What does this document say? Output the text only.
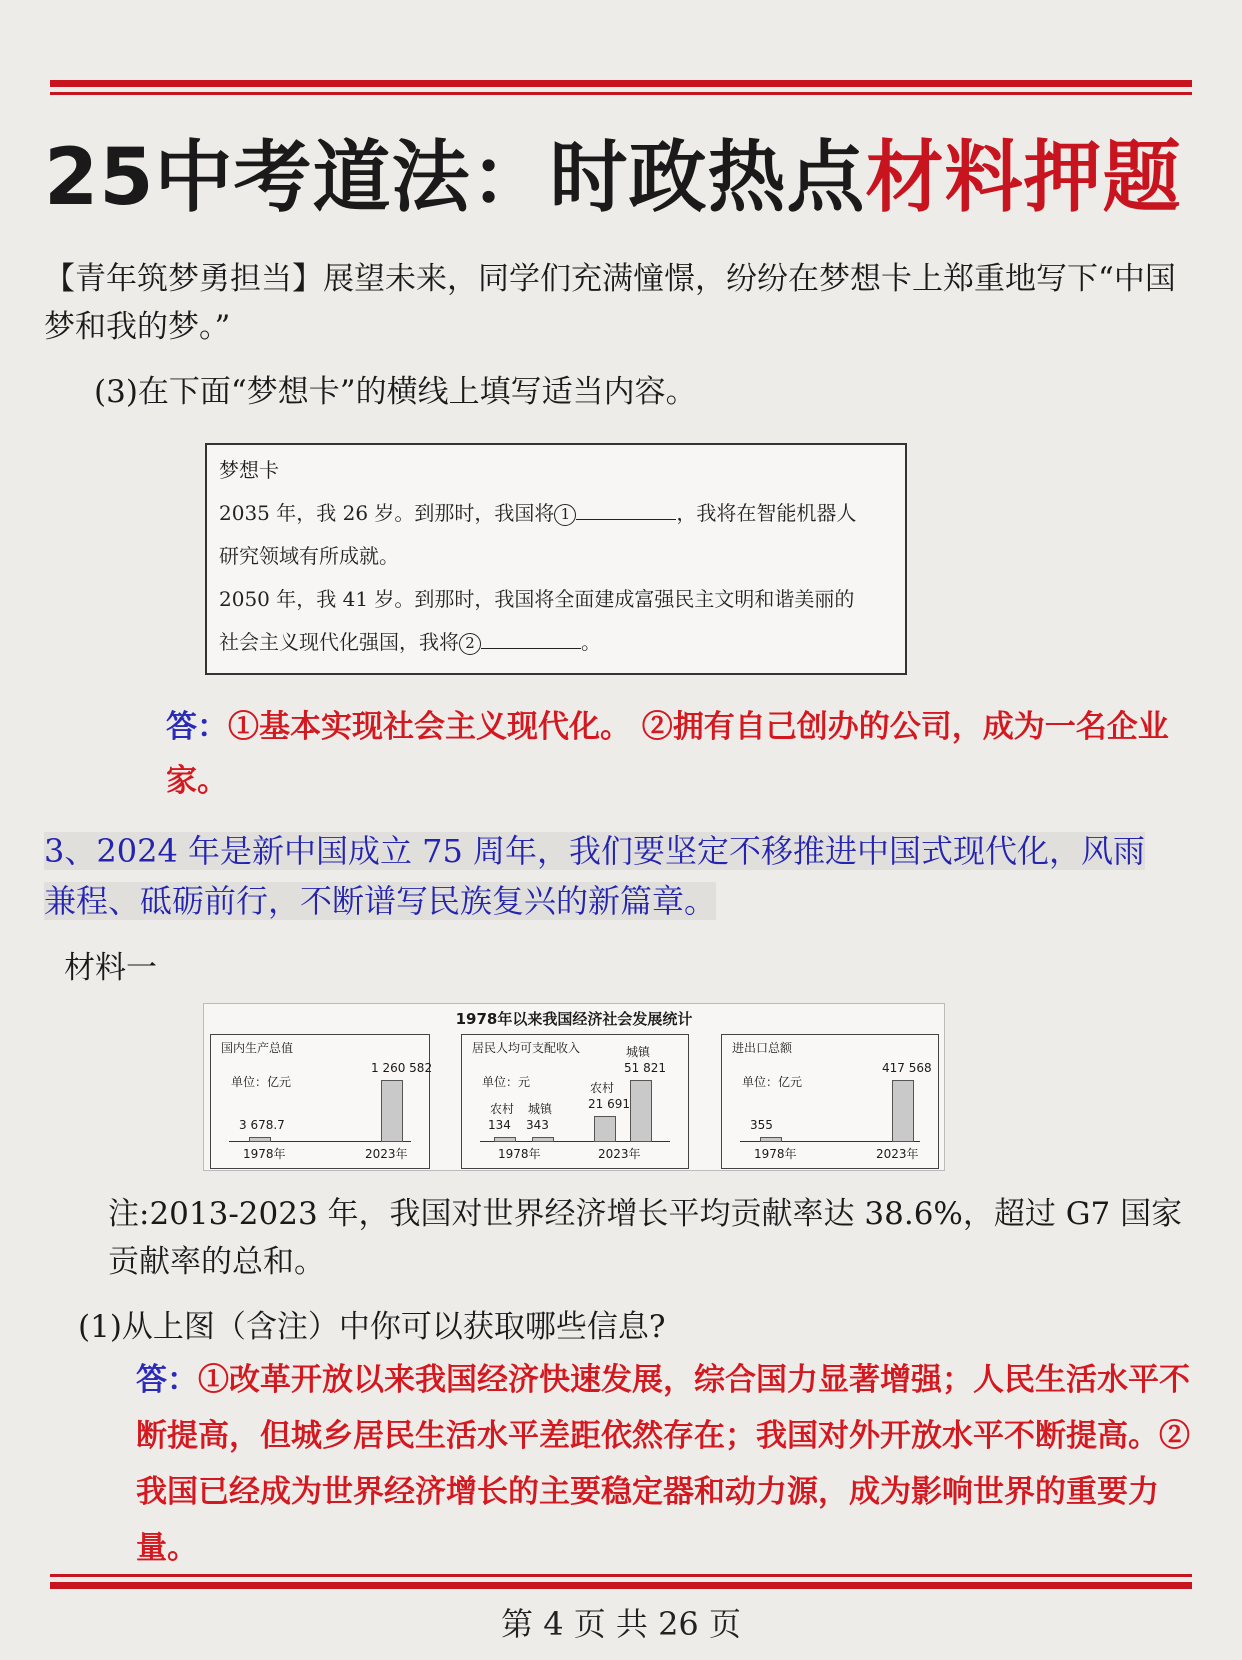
25中考道法：时政热点材料押题

【青年筑梦勇担当】展望未来，同学们充满憧憬，纷纷在梦想卡上郑重地写下“中国梦和我的梦。”

(3)在下面“梦想卡”的横线上填写适当内容。

梦想卡
2035 年，我 26 岁。到那时，我国将 1	，我将在智能机器人
研究领域有所成就。
2050 年，我 41 岁。到那时，我国将全面建成富强民主文明和谐美丽的
社会主义现代化强国，我将 2	。
答：①基本实现社会主义现代化。 ②拥有自己创办的公司，成为一名企业家。
3、2024 年是新中国成立 75 周年，我们要坚定不移推进中国式现代化，风雨兼程、砥砺前行，不断谱写民族复兴的新篇章。

材料一

1978年以来我国经济社会发展统计
国内生产总值
单位：亿元
3 678.7
1978年
1 260 582
2023年
居民人均可支配收入
单位：元
134
农村
343
城镇
1978年
21 691
农村
51 821
城镇
2023年
进出口总额
单位：亿元
355
1978年
417 568
2023年

注:2013-2023 年，我国对世界经济增长平均贡献率达 38.6%，超过 G7 国家贡献率的总和。

(1)从上图（含注）中你可以获取哪些信息?

答：①改革开放以来我国经济快速发展，综合国力显著增强；人民生活水平不断提高，但城乡居民生活水平差距依然存在；我国对外开放水平不断提高。②我国已经成为世界经济增长的主要稳定器和动力源，成为影响世界的重要力量。
第 4 页 共 26 页
